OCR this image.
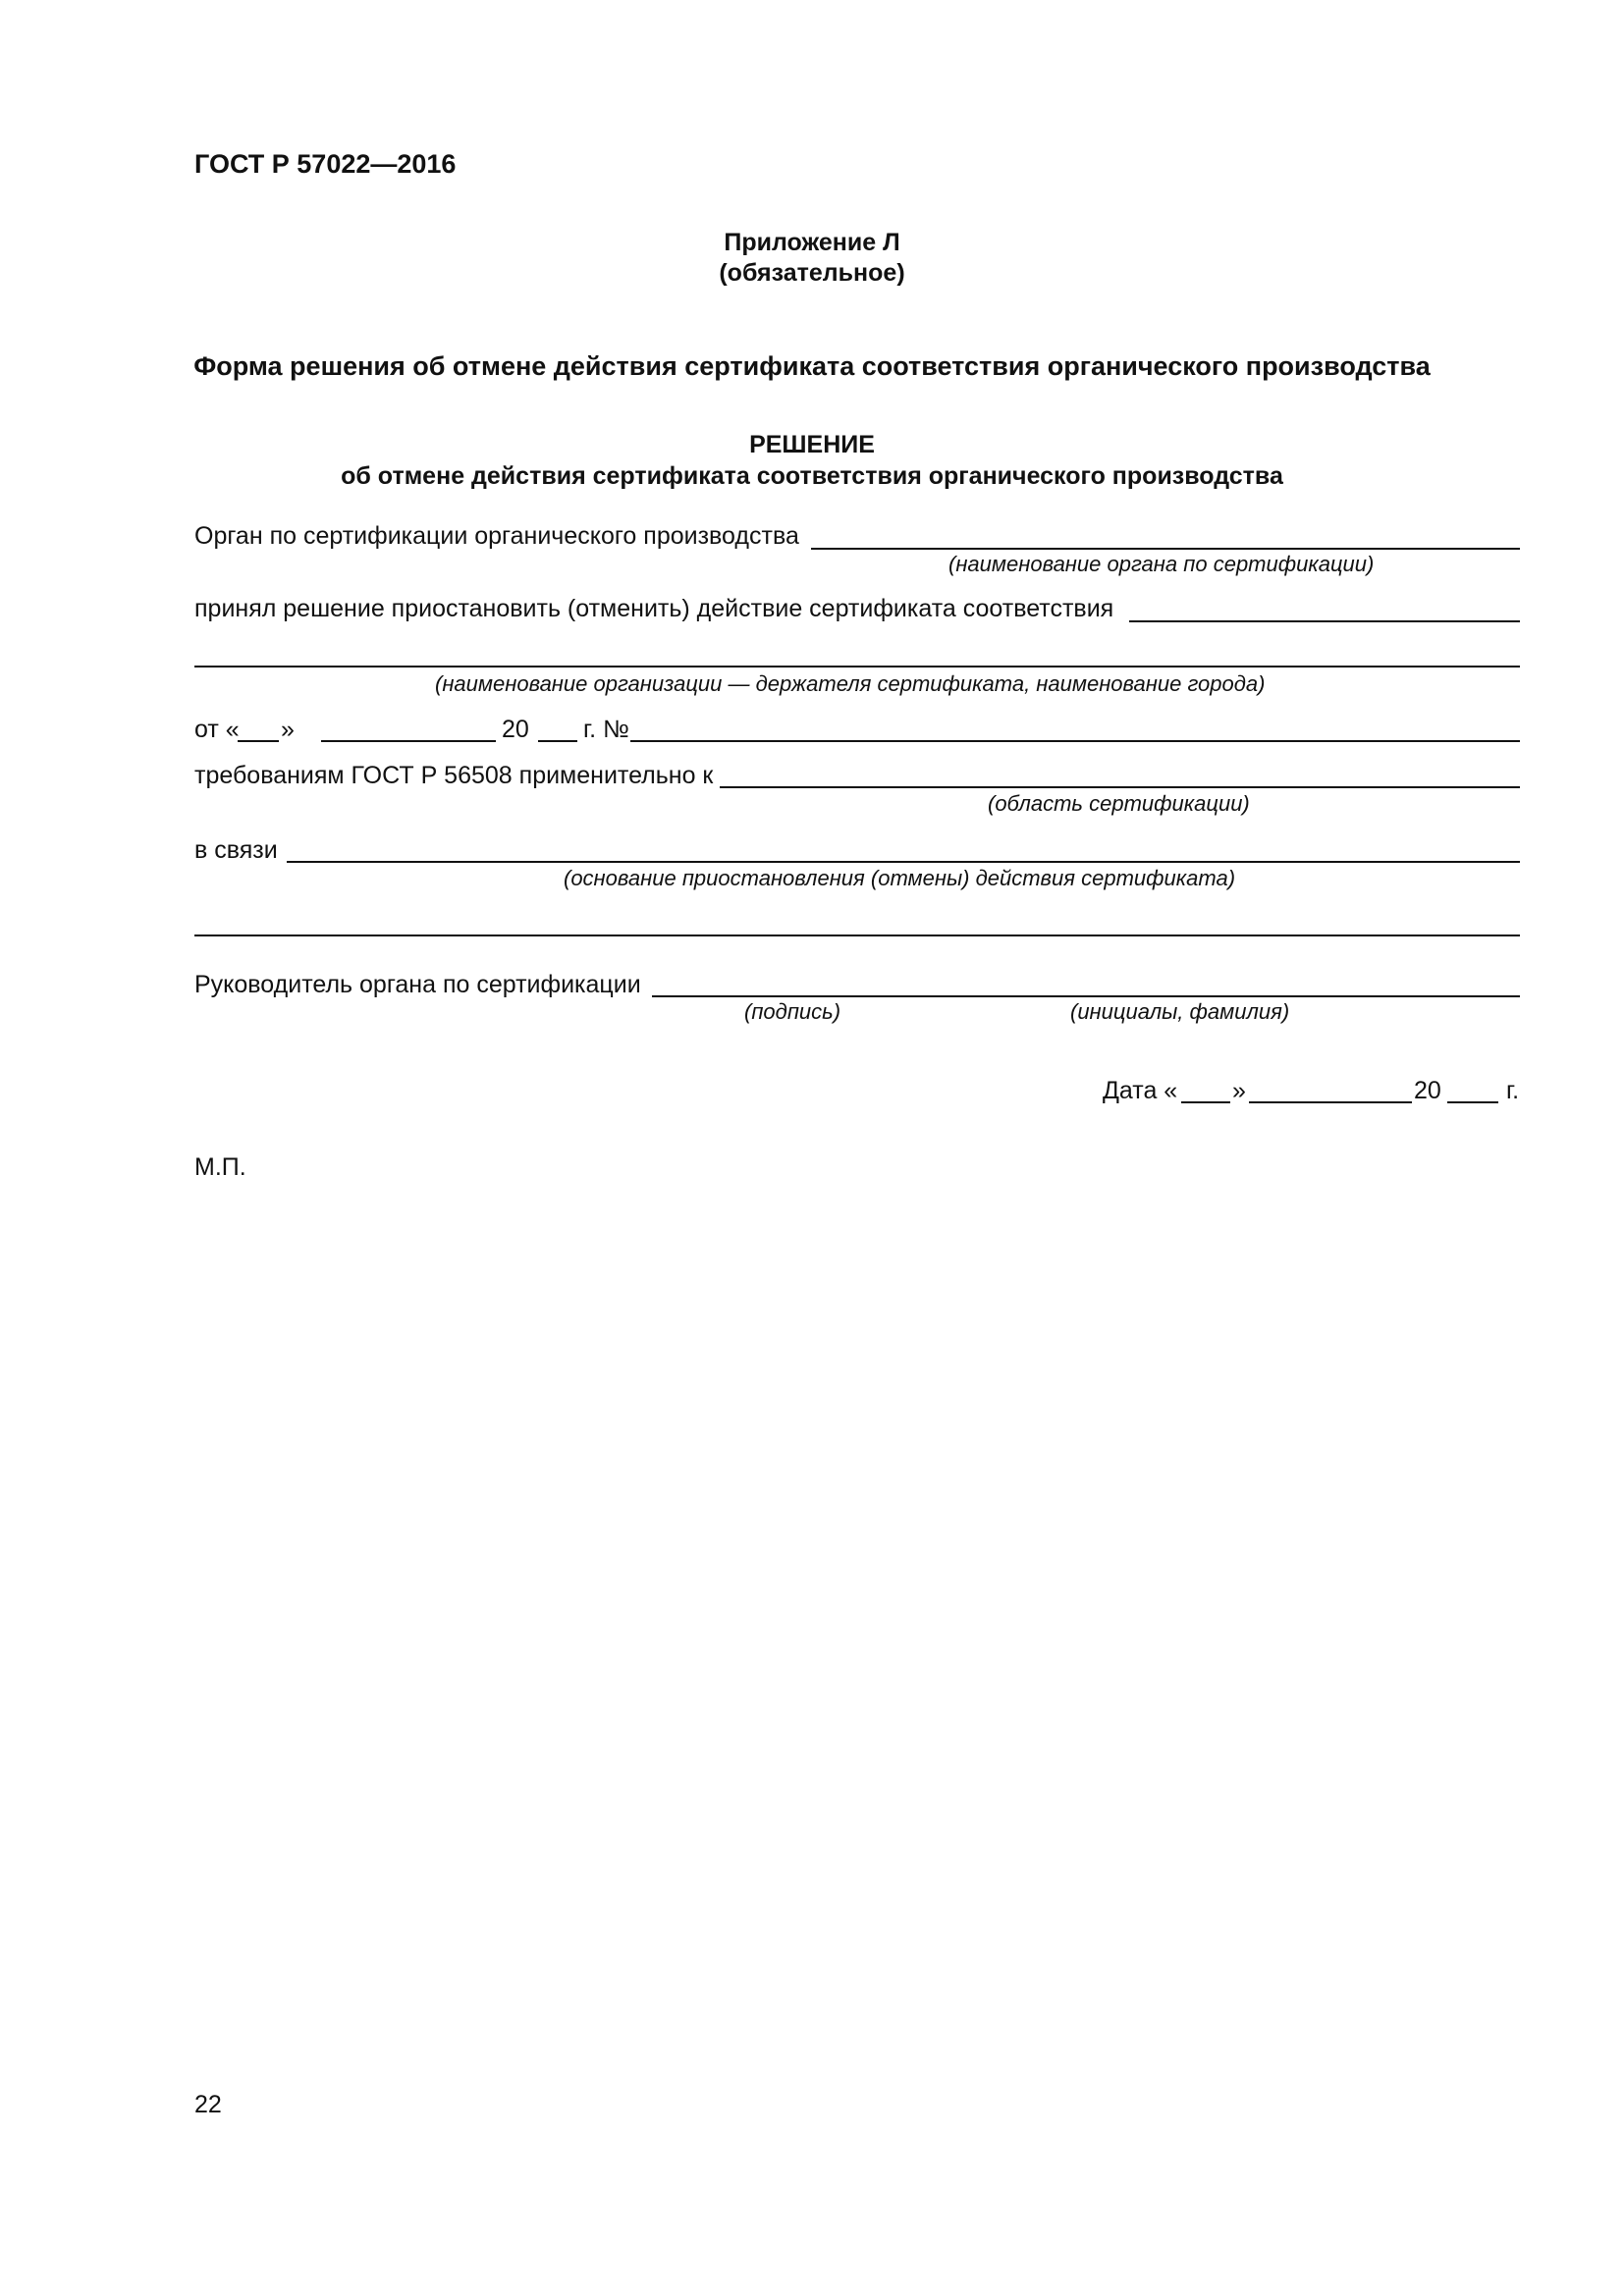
ГОСТ Р 57022—2016
Приложение Л
(обязательное)
Форма решения об отмене действия сертификата соответствия органического производства
РЕШЕНИЕ
об отмене действия сертификата соответствия органического производства
Орган по сертификации органического производства
(наименование органа по сертификации)
принял решение приостановить (отменить) действие сертификата соответствия
(наименование организации — держателя сертификата, наименование города)
от « »	20 г. №
требованиям ГОСТ Р 56508 применительно к
(область сертификации)
в связи
(основание приостановления (отмены) действия сертификата)
Руководитель органа по сертификации
(подпись)	(инициалы, фамилия)
Дата « »	20	г.
М.П.
22
